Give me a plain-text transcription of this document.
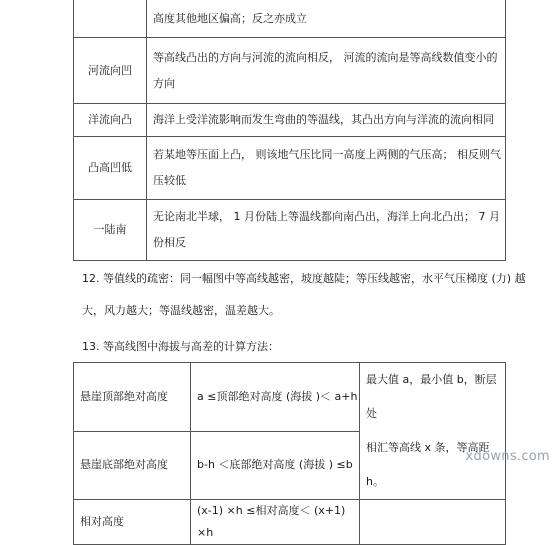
	高度其他地区偏高；反之亦成立
河流向凹	等高线凸出的方向与河流的流向相反， 河流的流向是等高线数值变小的方向
洋流向凸	海洋上受洋流影响而发生弯曲的等温线，其凸出方向与洋流的流向相同
凸高凹低	若某地等压面上凸， 则该地气压比同一高度上两侧的气压高； 相反则气压较低
一陆南	无论南北半球， 1 月份陆上等温线都向南凸出，海洋上向北凸出； 7 月份相反
12. 等值线的疏密：同一幅图中等高线越密，坡度越陡；等压线越密，水平气压梯度 (力) 越
大，风力越大；等温线越密，温差越大。
13. 等高线图中海拔与高差的计算方法：
悬崖顶部绝对高度	a ≤顶部绝对高度 (海拔 )＜ a+h	最大值 a，最小值 b，断层处
相汇等高线 x 条，等高距 h。

悬崖底部绝对高度	b-h ＜底部绝对高度 (海拔 ) ≤b	
相对高度	(x-1) ×h ≤相对高度＜ (x+1) ×h	
xdowns.com
